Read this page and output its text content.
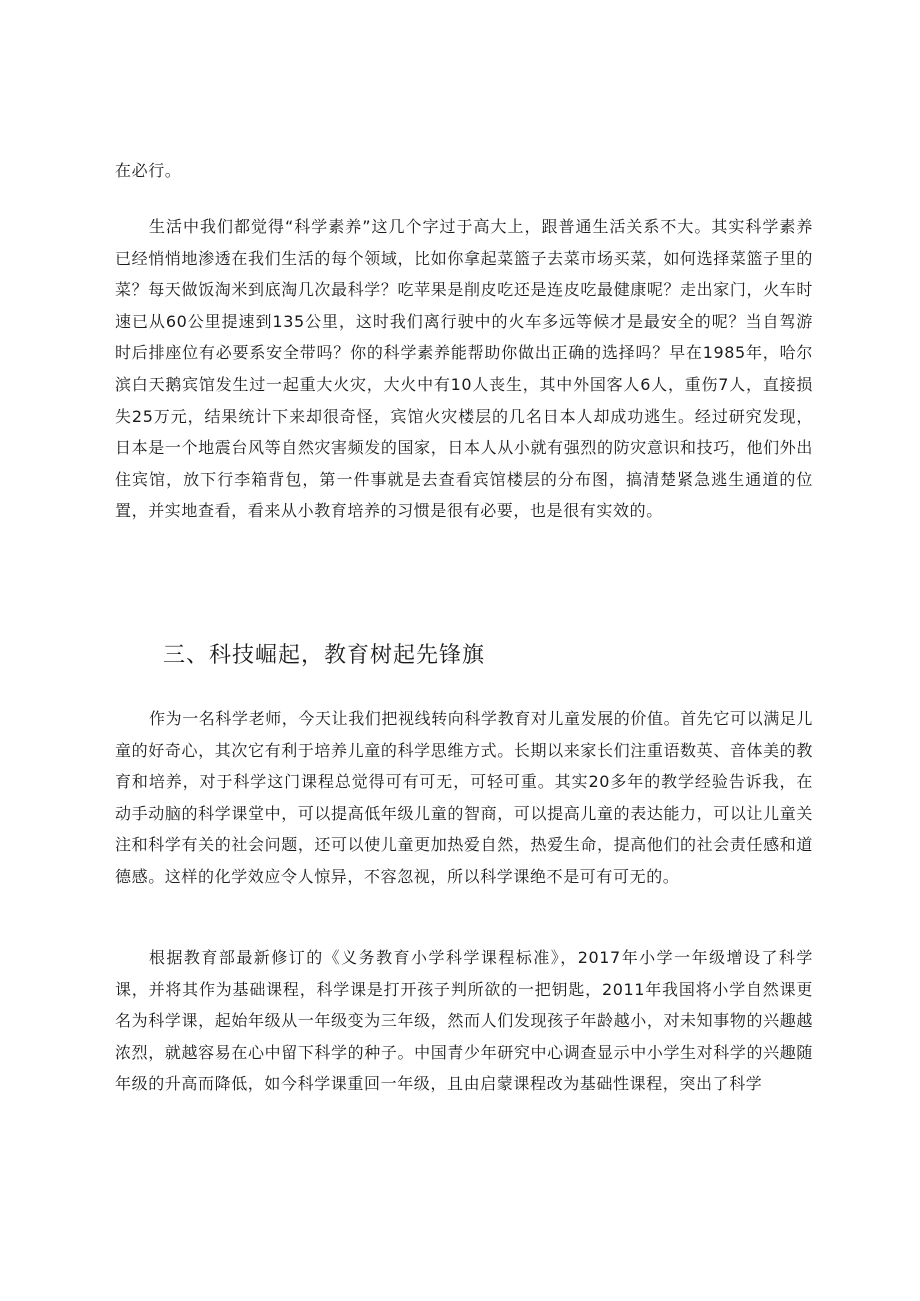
在必行。

生活中我们都觉得“科学素养”这几个字过于高大上，跟普通生活关系不大。其实科学素养已经悄悄地渗透在我们生活的每个领域，比如你拿起菜篮子去菜市场买菜，如何选择菜篮子里的菜？每天做饭淘米到底淘几次最科学？吃苹果是削皮吃还是连皮吃最健康呢？走出家门，火车时速已从60公里提速到135公里，这时我们离行驶中的火车多远等候才是最安全的呢？当自驾游时后排座位有必要系安全带吗？你的科学素养能帮助你做出正确的选择吗？早在1985年，哈尔滨白天鹅宾馆发生过一起重大火灾，大火中有10人丧生，其中外国客人6人，重伤7人，直接损失25万元，结果统计下来却很奇怪，宾馆火灾楼层的几名日本人却成功逃生。经过研究发现，日本是一个地震台风等自然灾害频发的国家，日本人从小就有强烈的防灾意识和技巧，他们外出住宾馆，放下行李箱背包，第一件事就是去查看宾馆楼层的分布图，搞清楚紧急逃生通道的位置，并实地查看，看来从小教育培养的习惯是很有必要，也是很有实效的。

三、科技崛起，教育树起先锋旗

作为一名科学老师，今天让我们把视线转向科学教育对儿童发展的价值。首先它可以满足儿童的好奇心，其次它有利于培养儿童的科学思维方式。长期以来家长们注重语数英、音体美的教育和培养，对于科学这门课程总觉得可有可无，可轻可重。其实20多年的教学经验告诉我，在动手动脑的科学课堂中，可以提高低年级儿童的智商，可以提高儿童的表达能力，可以让儿童关注和科学有关的社会问题，还可以使儿童更加热爱自然，热爱生命，提高他们的社会责任感和道德感。这样的化学效应令人惊异，不容忽视，所以科学课绝不是可有可无的。

根据教育部最新修订的《义务教育小学科学课程标准》，2017年小学一年级增设了科学课，并将其作为基础课程，科学课是打开孩子判所欲的一把钥匙，2011年我国将小学自然课更名为科学课，起始年级从一年级变为三年级，然而人们发现孩子年龄越小，对未知事物的兴趣越浓烈，就越容易在心中留下科学的种子。中国青少年研究中心调查显示中小学生对科学的兴趣随年级的升高而降低，如今科学课重回一年级，且由启蒙课程改为基础性课程，突出了科学
